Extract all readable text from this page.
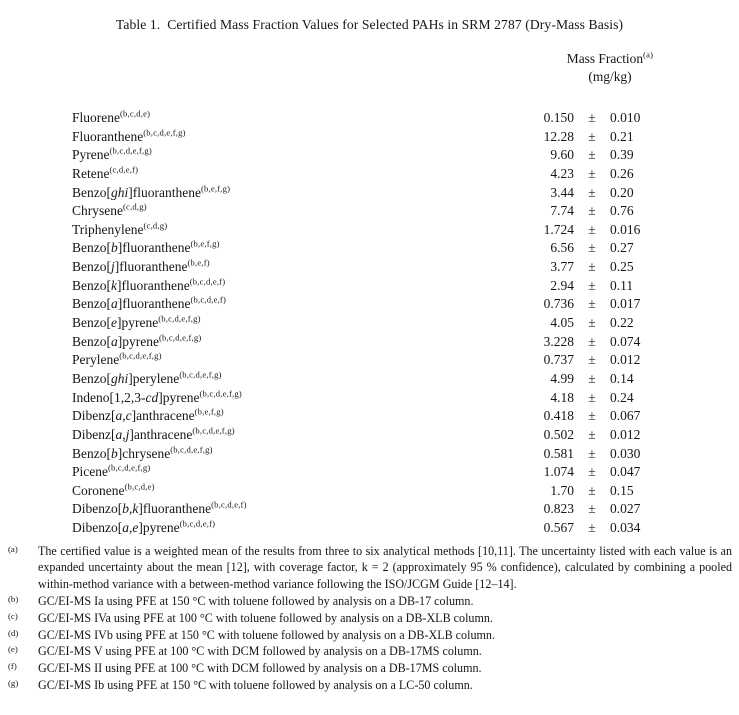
Table 1.  Certified Mass Fraction Values for Selected PAHs in SRM 2787 (Dry-Mass Basis)
Mass Fraction$^{(a)}$
(mg/kg)
Fluorene$^{(b,c,d,e)}$	0.150	±	0.010
Fluoranthene$^{(b,c,d,e,f,g)}$	12.28	±	0.21
Pyrene$^{(b,c,d,e,f,g)}$	9.60	±	0.39
Retene$^{(c,d,e,f)}$	4.23	±	0.26
Benzo[ghi]fluoranthene$^{(b,e,f,g)}$	3.44	±	0.20
Chrysene$^{(c,d,g)}$	7.74	±	0.76
Triphenylene$^{(c,d,g)}$	1.724	±	0.016
Benzo[b]fluoranthene$^{(b,e,f,g)}$	6.56	±	0.27
Benzo[j]fluoranthene$^{(b,e,f)}$	3.77	±	0.25
Benzo[k]fluoranthene$^{(b,c,d,e,f)}$	2.94	±	0.11
Benzo[a]fluoranthene$^{(b,c,d,e,f)}$	0.736	±	0.017
Benzo[e]pyrene$^{(b,c,d,e,f,g)}$	4.05	±	0.22
Benzo[a]pyrene$^{(b,c,d,e,f,g)}$	3.228	±	0.074
Perylene$^{(b,c,d,e,f,g)}$	0.737	±	0.012
Benzo[ghi]perylene$^{(b,c,d,e,f,g)}$	4.99	±	0.14
Indeno[1,2,3-cd]pyrene$^{(b,c,d,e,f,g)}$	4.18	±	0.24
Dibenz[a,c]anthracene$^{(b,e,f,g)}$	0.418	±	0.067
Dibenz[a,j]anthracene$^{(b,c,d,e,f,g)}$	0.502	±	0.012
Benzo[b]chrysene$^{(b,c,d,e,f,g)}$	0.581	±	0.030
Picene$^{(b,c,d,e,f,g)}$	1.074	±	0.047
Coronene$^{(b,c,d,e)}$	1.70	±	0.15
Dibenzo[b,k]fluoranthene$^{(b,c,d,e,f)}$	0.823	±	0.027
Dibenzo[a,e]pyrene$^{(b,c,d,e,f)}$	0.567	±	0.034
(a)	The certified value is a weighted mean of the results from three to six analytical methods [10,11]. The uncertainty listed with each value is an expanded uncertainty about the mean [12], with coverage factor, k = 2 (approximately 95 % confidence), calculated by combining a pooled within-method variance with a between-method variance following the ISO/JCGM Guide [12–14].
(b)	GC/EI-MS Ia using PFE at 150 °C with toluene followed by analysis on a DB-17 column.
(c)	GC/EI-MS IVa using PFE at 100 °C with toluene followed by analysis on a DB-XLB column.
(d)	GC/EI-MS IVb using PFE at 150 °C with toluene followed by analysis on a DB-XLB column.
(e)	GC/EI-MS V using PFE at 100 °C with DCM followed by analysis on a DB-17MS column.
(f)	GC/EI-MS II using PFE at 100 °C with DCM followed by analysis on a DB-17MS column.
(g)	GC/EI-MS Ib using PFE at 150 °C with toluene followed by analysis on a LC-50 column.
